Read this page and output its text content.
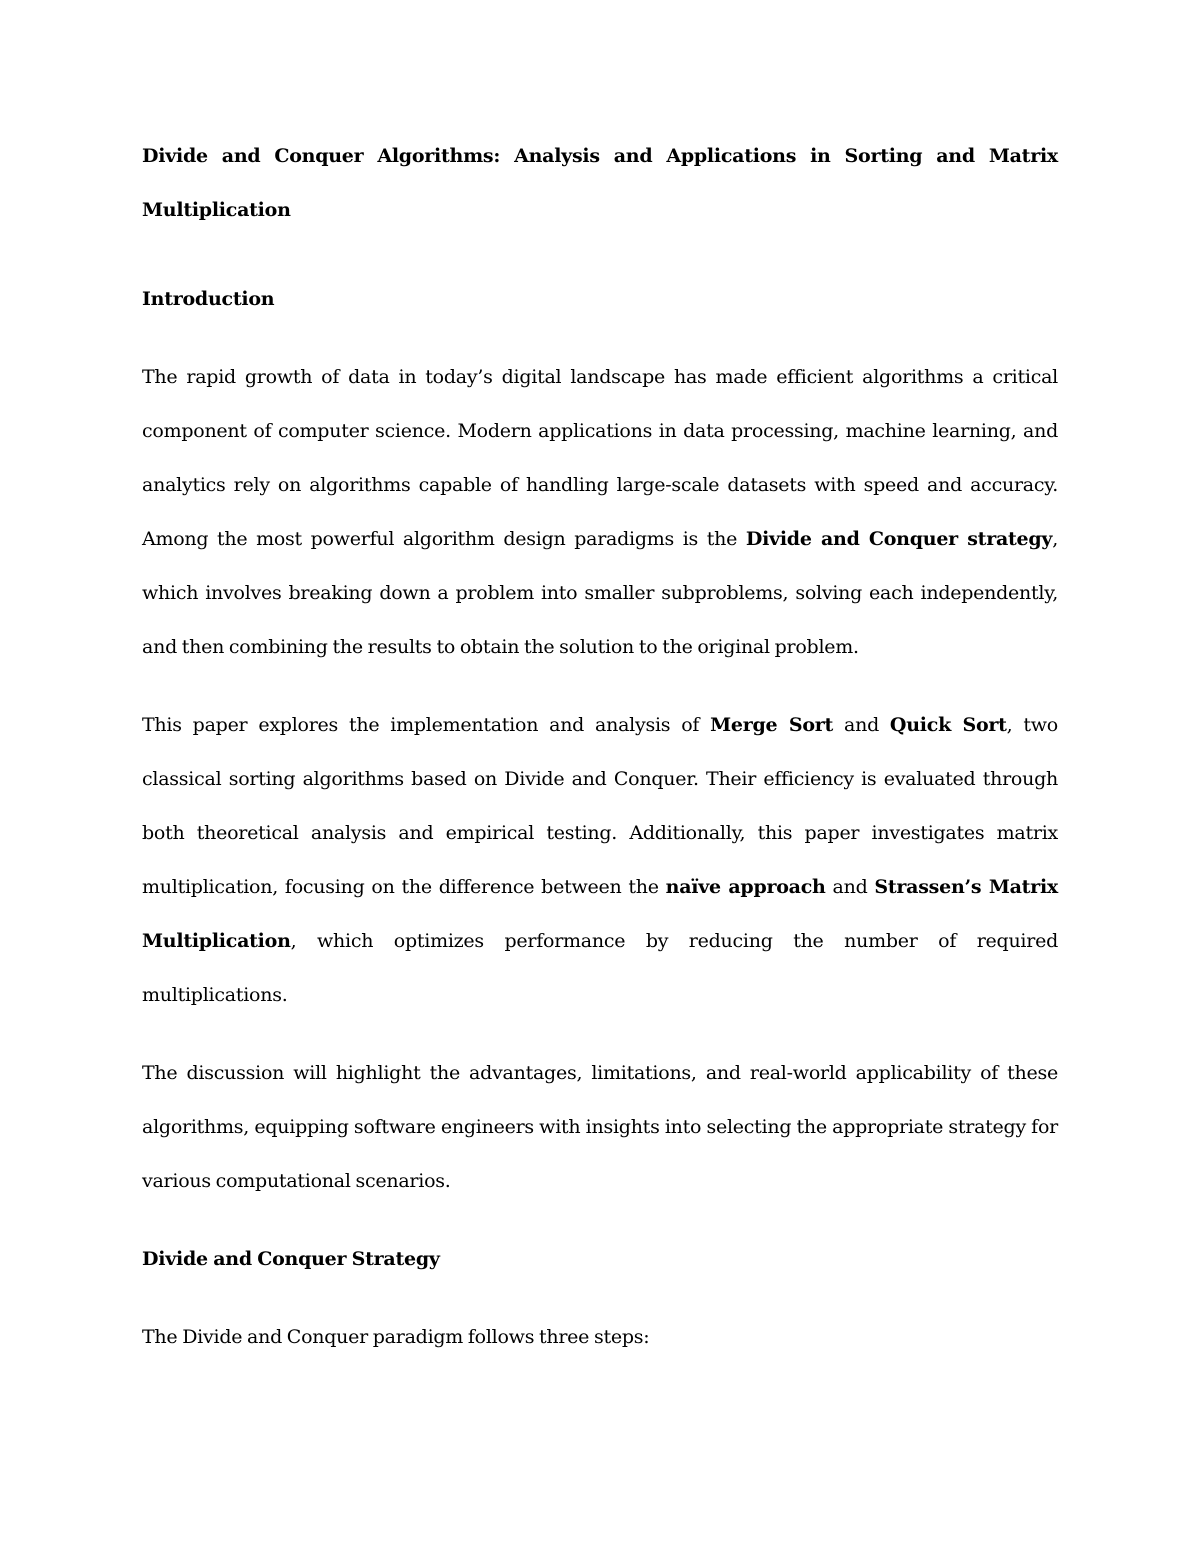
Divide and Conquer Algorithms: Analysis and Applications in Sorting and Matrix
Multiplication
Introduction
The rapid growth of data in today’s digital landscape has made efficient algorithms a critical
component of computer science. Modern applications in data processing, machine learning, and
analytics rely on algorithms capable of handling large-scale datasets with speed and accuracy.
Among the most powerful algorithm design paradigms is the Divide and Conquer strategy,
which involves breaking down a problem into smaller subproblems, solving each independently,
and then combining the results to obtain the solution to the original problem.
This paper explores the implementation and analysis of Merge Sort and Quick Sort, two
classical sorting algorithms based on Divide and Conquer. Their efficiency is evaluated through
both theoretical analysis and empirical testing. Additionally, this paper investigates matrix
multiplication, focusing on the difference between the naïve approach and Strassen’s Matrix
Multiplication, which optimizes performance by reducing the number of required
multiplications.
The discussion will highlight the advantages, limitations, and real-world applicability of these
algorithms, equipping software engineers with insights into selecting the appropriate strategy for
various computational scenarios.
Divide and Conquer Strategy
The Divide and Conquer paradigm follows three steps:
